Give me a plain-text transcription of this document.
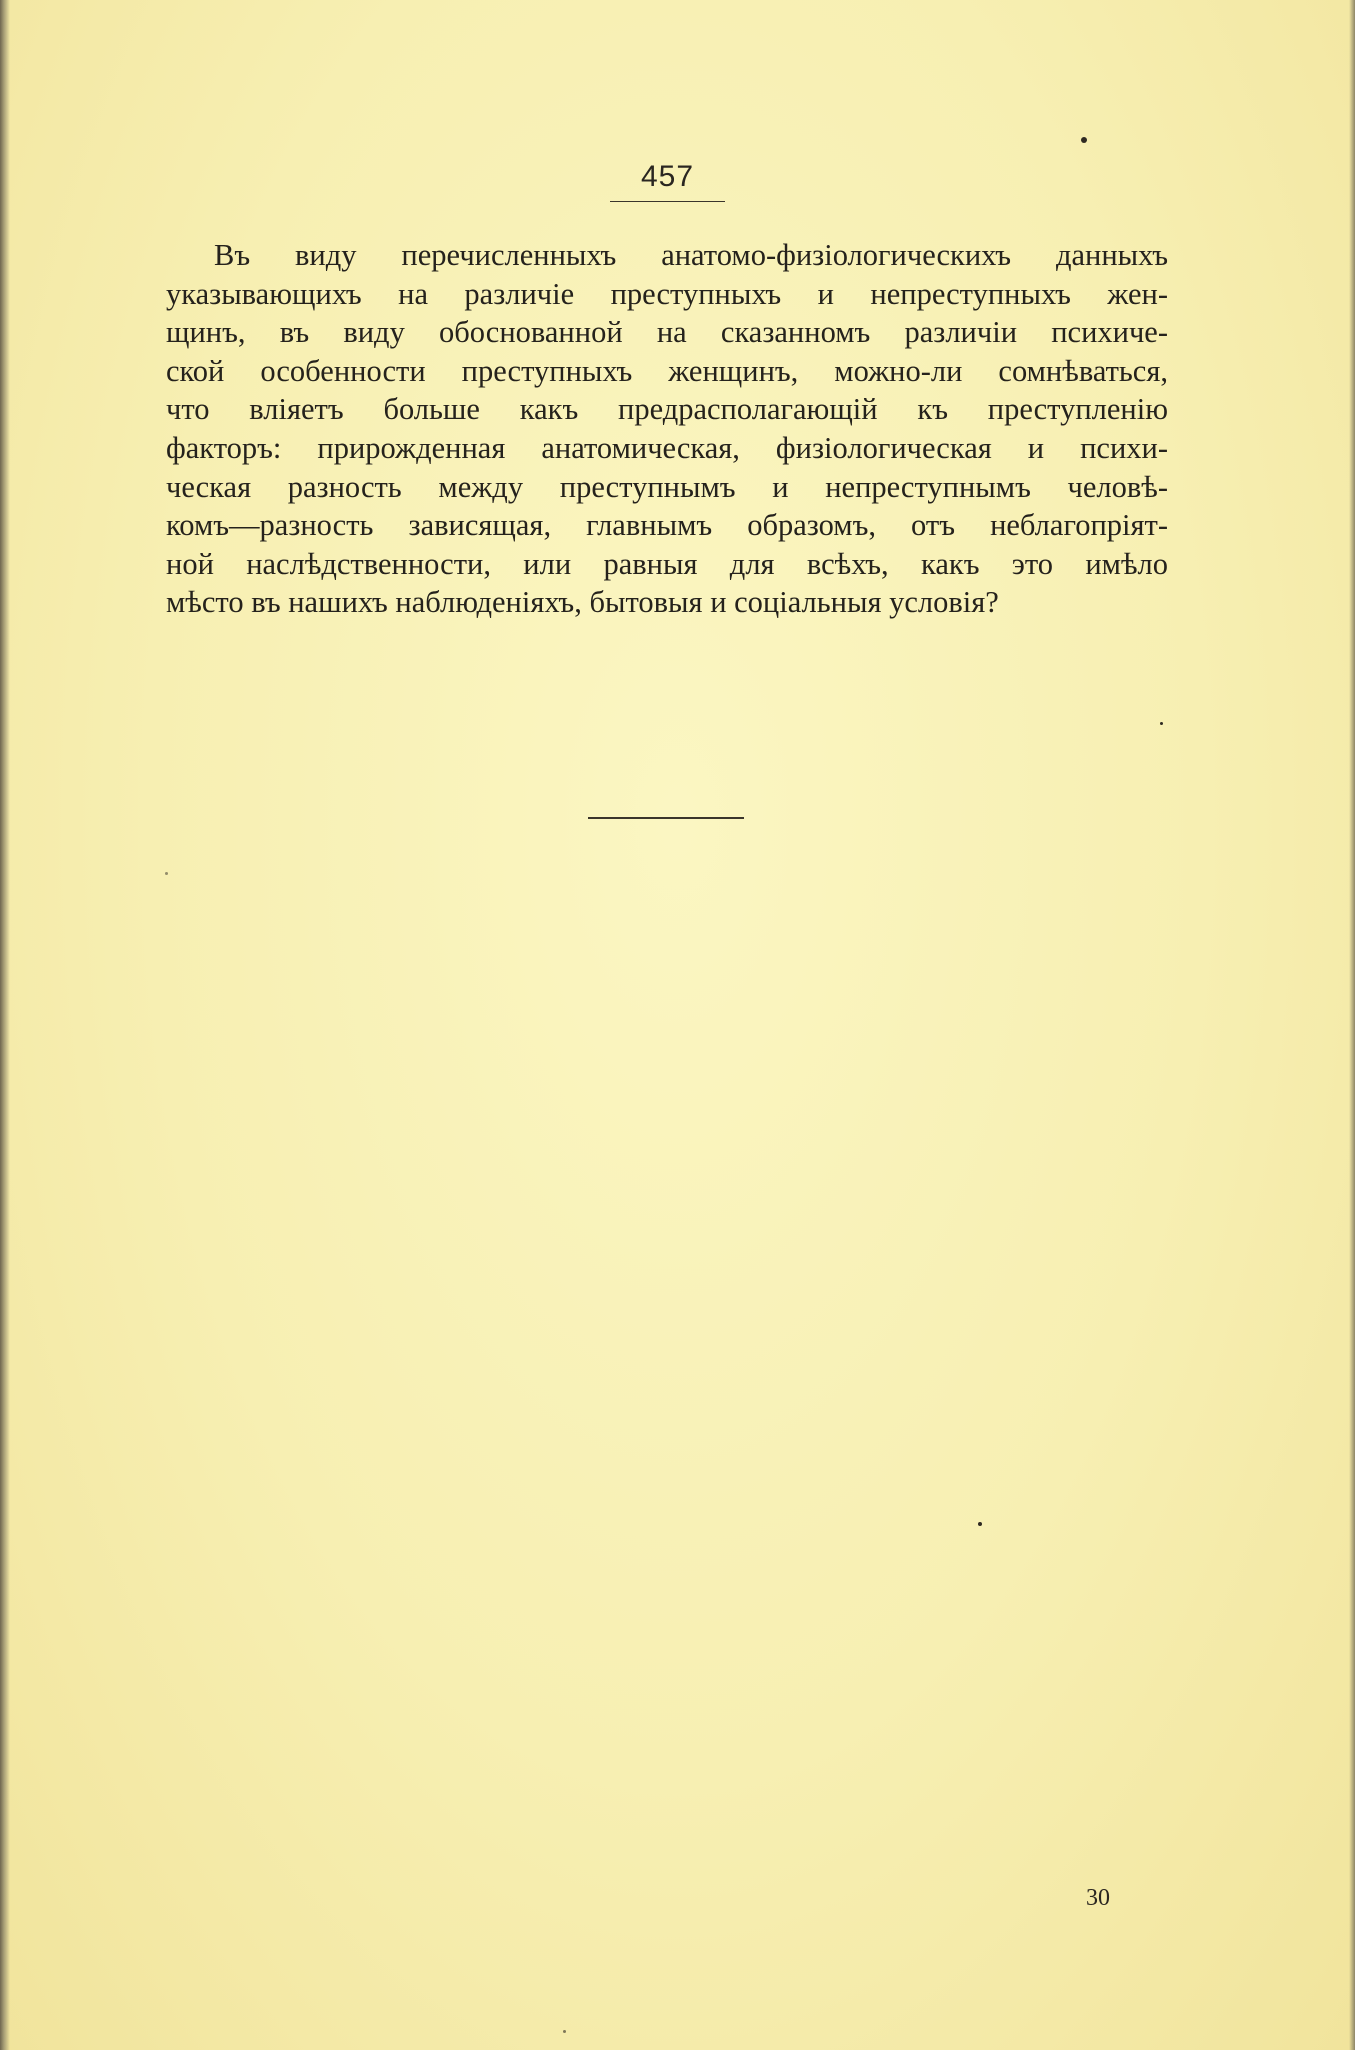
457
Въ виду перечисленныхъ анатомо-физіологическихъ данныхъ
указывающихъ на различіе преступныхъ и непреступныхъ жен-
щинъ, въ виду обоснованной на сказанномъ различіи психиче-
ской особенности преступныхъ женщинъ, можно-ли сомнѣваться,
что вліяетъ больше какъ предрасполагающій къ преступленію
факторъ: прирожденная анатомическая, физіологическая и психи-
ческая разность между преступнымъ и непреступнымъ человѣ-
комъ—разность зависящая, главнымъ образомъ, отъ неблагопріят-
ной наслѣдственности, или равныя для всѣхъ, какъ это имѣло
мѣсто въ нашихъ наблюденіяхъ, бытовыя и соціальныя условія?
30
